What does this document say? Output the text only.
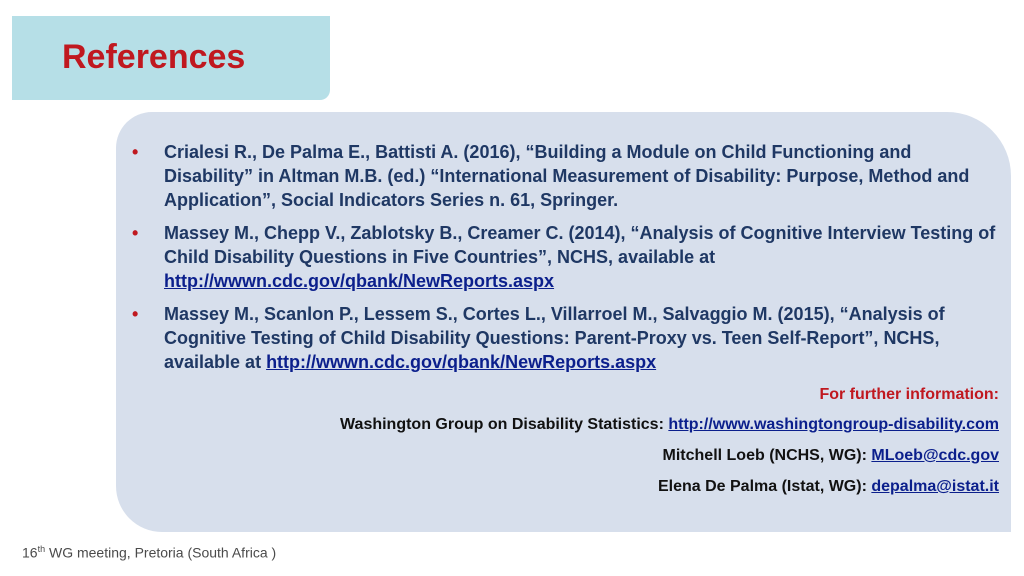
References
• Crialesi R., De Palma E., Battisti A. (2016), “Building a Module on Child Functioning and Disability” in Altman M.B. (ed.) “International Measurement of Disability: Purpose, Method and Application”, Social Indicators Series n. 61, Springer.
• Massey M., Chepp V., Zablotsky B., Creamer C. (2014), “Analysis of Cognitive Interview Testing of Child Disability Questions in Five Countries”, NCHS, available at http://wwwn.cdc.gov/qbank/NewReports.aspx
• Massey M., Scanlon P., Lessem S., Cortes L., Villarroel M., Salvaggio M. (2015), “Analysis of Cognitive Testing of Child Disability Questions: Parent-Proxy vs. Teen Self-Report”, NCHS, available at http://wwwn.cdc.gov/qbank/NewReports.aspx
For further information:
Washington Group on Disability Statistics: http://www.washingtongroup-disability.com
Mitchell Loeb (NCHS, WG): MLoeb@cdc.gov
Elena De Palma (Istat, WG): depalma@istat.it
16th WG meeting, Pretoria (South Africa )
